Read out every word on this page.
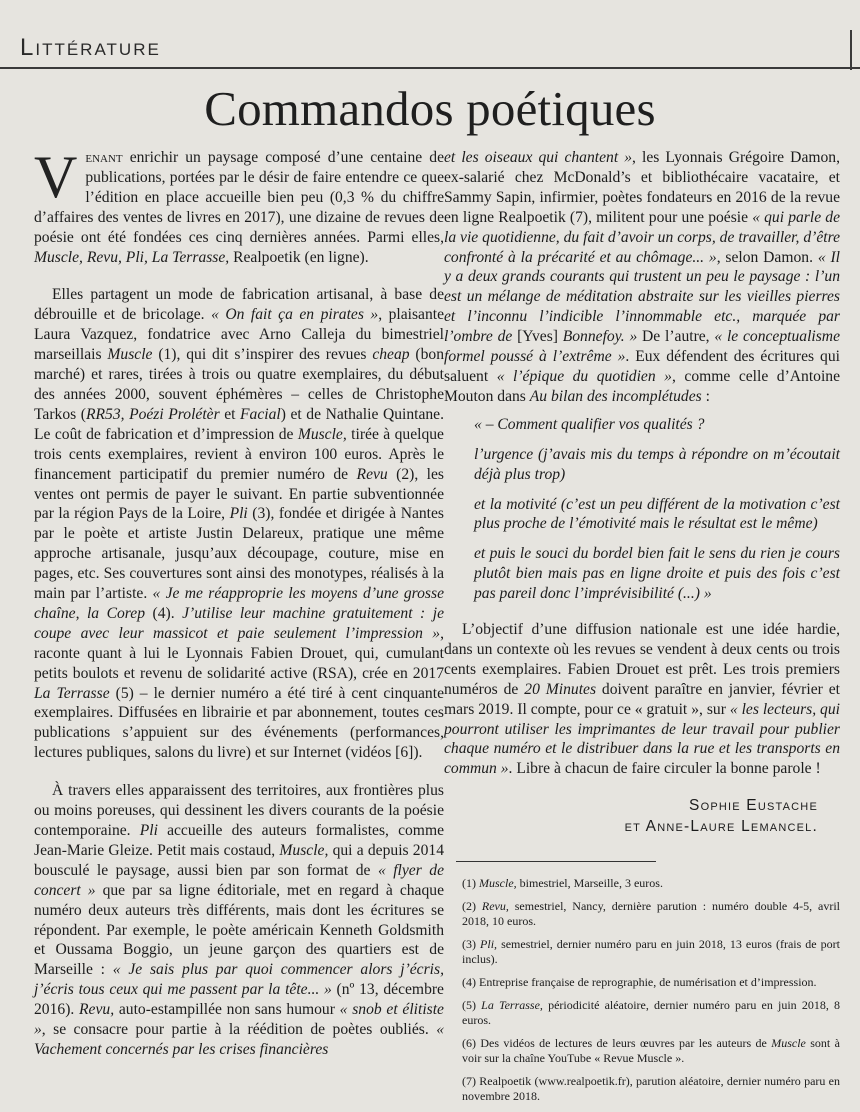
Littérature
Commandos poétiques

Venant enrichir un paysage composé d’une centaine de publications, portées par le désir de faire entendre ce que l’édition en place accueille bien peu (0,3 % du chiffre d’affaires des ventes de livres en 2017), une dizaine de revues de poésie ont été fondées ces cinq dernières années. Parmi elles, Muscle, Revu, Pli, La Terrasse, Realpoetik (en ligne).

Elles partagent un mode de fabrication artisanal, à base de débrouille et de bricolage. « On fait ça en pirates », plaisante Laura Vazquez, fondatrice avec Arno Calleja du bimestriel marseillais Muscle (1), qui dit s’inspirer des revues cheap (bon marché) et rares, tirées à trois ou quatre exemplaires, du début des années 2000, souvent éphémères – celles de Christophe Tarkos (RR53, Poézi Prolétèr et Facial) et de Nathalie Quintane. Le coût de fabrication et d’impression de Muscle, tirée à quelque trois cents exemplaires, revient à environ 100 euros. Après le financement participatif du premier numéro de Revu (2), les ventes ont permis de payer le suivant. En partie subventionnée par la région Pays de la Loire, Pli (3), fondée et dirigée à Nantes par le poète et artiste Justin Delareux, pratique une même approche artisanale, jusqu’aux découpage, couture, mise en pages, etc. Ses couvertures sont ainsi des monotypes, réalisés à la main par l’artiste. « Je me réapproprie les moyens d’une grosse chaîne, la Corep (4). J’utilise leur machine gratuitement : je coupe avec leur massicot et paie seulement l’impression », raconte quant à lui le Lyonnais Fabien Drouet, qui, cumulant petits boulots et revenu de solidarité active (RSA), crée en 2017 La Terrasse (5) – le dernier numéro a été tiré à cent cinquante exemplaires. Diffusées en librairie et par abonnement, toutes ces publications s’appuient sur des événements (performances, lectures publiques, salons du livre) et sur Internet (vidéos [6]).

À travers elles apparaissent des territoires, aux frontières plus ou moins poreuses, qui dessinent les divers courants de la poésie contemporaine. Pli accueille des auteurs formalistes, comme Jean-Marie Gleize. Petit mais costaud, Muscle, qui a depuis 2014 bousculé le paysage, aussi bien par son format de « flyer de concert » que par sa ligne éditoriale, met en regard à chaque numéro deux auteurs très différents, mais dont les écritures se répondent. Par exemple, le poète américain Kenneth Goldsmith et Oussama Boggio, un jeune garçon des quartiers est de Marseille : « Je sais plus par quoi commencer alors j’écris, j’écris tous ceux qui me passent par la tête... » (nº 13, décembre 2016). Revu, auto-estampillée non sans humour « snob et élitiste », se consacre pour partie à la réédition de poètes oubliés. « Vachement concernés par les crises financières

et les oiseaux qui chantent », les Lyonnais Grégoire Damon, ex-salarié chez McDonald’s et bibliothécaire vacataire, et Sammy Sapin, infirmier, poètes fondateurs en 2016 de la revue en ligne Realpoetik (7), militent pour une poésie « qui parle de la vie quotidienne, du fait d’avoir un corps, de travailler, d’être confronté à la précarité et au chômage... », selon Damon. « Il y a deux grands courants qui trustent un peu le paysage : l’un est un mélange de méditation abstraite sur les vieilles pierres et l’inconnu l’indicible l’innommable etc., marquée par l’ombre de [Yves] Bonnefoy. » De l’autre, « le conceptualisme formel poussé à l’extrême ». Eux défendent des écritures qui saluent « l’épique du quotidien », comme celle d’Antoine Mouton dans Au bilan des incomplétudes :

« – Comment qualifier vos qualités ?

l’urgence (j’avais mis du temps à répondre on m’écoutait déjà plus trop)

et la motivité (c’est un peu différent de la motivation c’est plus proche de l’émotivité mais le résultat est le même)

et puis le souci du bordel bien fait le sens du rien je cours plutôt bien mais pas en ligne droite et puis des fois c’est pas pareil donc l’imprévisibilité (...) »

L’objectif d’une diffusion nationale est une idée hardie, dans un contexte où les revues se vendent à deux cents ou trois cents exemplaires. Fabien Drouet est prêt. Les trois premiers numéros de 20 Minutes doivent paraître en janvier, février et mars 2019. Il compte, pour ce « gratuit », sur « les lecteurs, qui pourront utiliser les imprimantes de leur travail pour publier chaque numéro et le distribuer dans la rue et les transports en commun ». Libre à chacun de faire circuler la bonne parole !

Sophie Eustache
et Anne-Laure Lemancel.

(1) Muscle, bimestriel, Marseille, 3 euros.

(2) Revu, semestriel, Nancy, dernière parution : numéro double 4-5, avril 2018, 10 euros.

(3) Pli, semestriel, dernier numéro paru en juin 2018, 13 euros (frais de port inclus).

(4) Entreprise française de reprographie, de numérisation et d’impression.

(5) La Terrasse, périodicité aléatoire, dernier numéro paru en juin 2018, 8 euros.

(6) Des vidéos de lectures de leurs œuvres par les auteurs de Muscle sont à voir sur la chaîne YouTube « Revue Muscle ».

(7) Realpoetik (www.realpoetik.fr), parution aléatoire, dernier numéro paru en novembre 2018.
